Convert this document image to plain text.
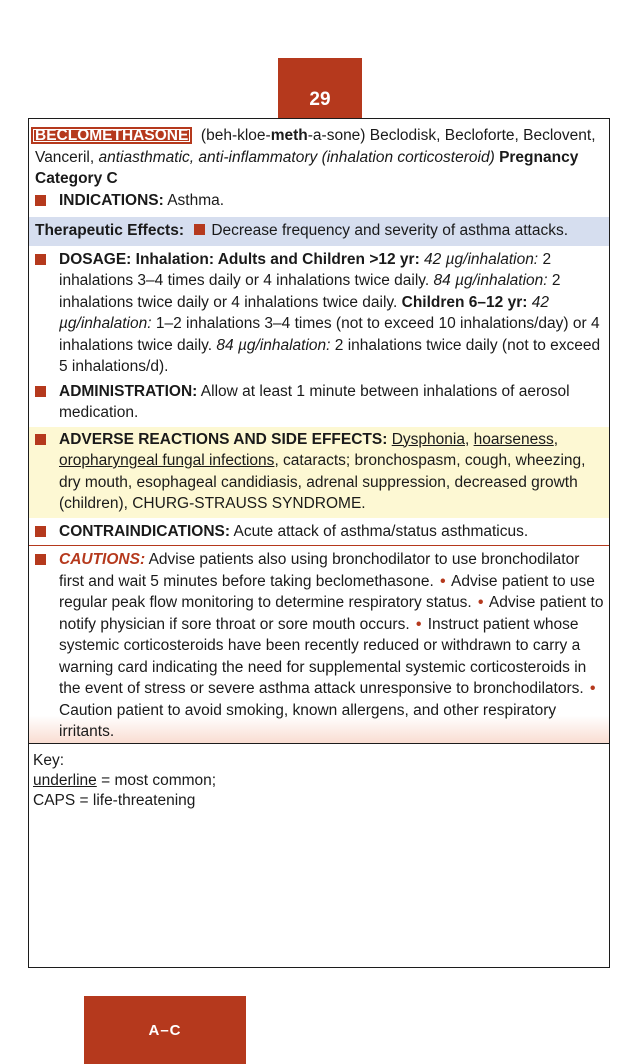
29
BECLOMETHASONE (beh-kloe-meth-a-sone) Beclodisk, Becloforte, Beclovent, Vanceril, antiasthmatic, anti-inflammatory (inhalation corticosteroid) Pregnancy Category C
INDICATIONS: Asthma.
Therapeutic Effects: Decrease frequency and severity of asthma attacks.
DOSAGE: Inhalation: Adults and Children >12 yr: 42 µg/inhalation: 2 inhalations 3–4 times daily or 4 inhalations twice daily. 84 µg/inhalation: 2 inhalations twice daily or 4 inhalations twice daily. Children 6–12 yr: 42 µg/inhalation: 1–2 inhalations 3–4 times (not to exceed 10 inhalations/day) or 4 inhalations twice daily. 84 µg/inhalation: 2 inhalations twice daily (not to exceed 5 inhalations/d).
ADMINISTRATION: Allow at least 1 minute between inhalations of aerosol medication.
ADVERSE REACTIONS AND SIDE EFFECTS: Dysphonia, hoarseness, oropharyngeal fungal infections, cataracts; bronchospasm, cough, wheezing, dry mouth, esophageal candidiasis, adrenal suppression, decreased growth (children), CHURG-STRAUSS SYNDROME.
CONTRAINDICATIONS: Acute attack of asthma/status asthmaticus.
CAUTIONS: Advise patients also using bronchodilator to use bronchodilator first and wait 5 minutes before taking beclomethasone. • Advise patient to use regular peak flow monitoring to determine respiratory status. • Advise patient to notify physician if sore throat or sore mouth occurs. • Instruct patient whose systemic corticosteroids have been recently reduced or withdrawn to carry a warning card indicating the need for supplemental systemic corticosteroids in the event of stress or severe asthma attack unresponsive to bronchodilators. • Caution patient to avoid smoking, known allergens, and other respiratory irritants.
Key:
underline = most common;
CAPS = life-threatening
A–C
